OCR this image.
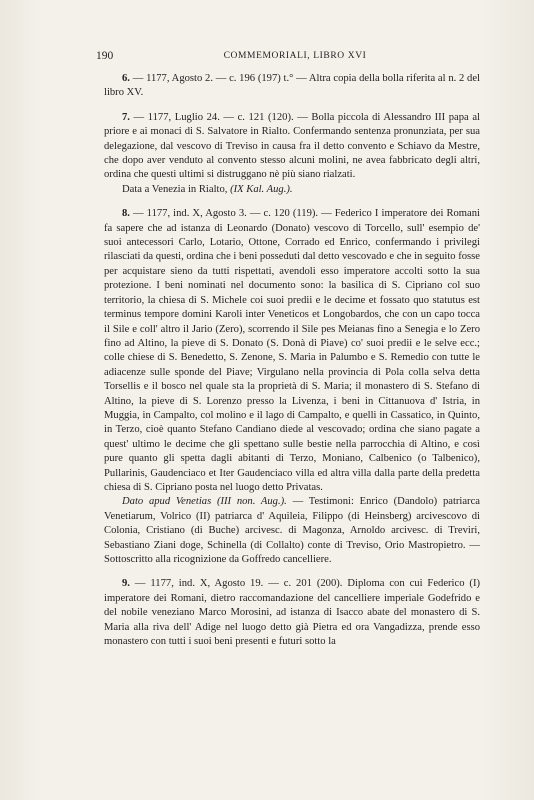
190	COMMEMORIALI, LIBRO XVI

6. — 1177, Agosto 2. — c. 196 (197) t.° — Altra copia della bolla riferita al n. 2 del libro XV.

7. — 1177, Luglio 24. — c. 121 (120). — Bolla piccola di Alessandro III papa al priore e ai monaci di S. Salvatore in Rialto. Confermando sentenza pronunziata, per sua delegazione, dal vescovo di Treviso in causa fra il detto convento e Schiavo da Mestre, che dopo aver venduto al convento stesso alcuni molini, ne avea fabbricato degli altri, ordina che questi ultimi si distruggano nè più siano rialzati.

Data a Venezia in Rialto, (IX Kal. Aug.).

8. — 1177, ind. X, Agosto 3. — c. 120 (119). — Federico I imperatore dei Romani fa sapere che ad istanza di Leonardo (Donato) vescovo di Torcello, sull' esempio de' suoi antecessori Carlo, Lotario, Ottone, Corrado ed Enrico, confermando i privilegi rilasciati da questi, ordina che i beni posseduti dal detto vescovado e che in seguito fosse per acquistare sieno da tutti rispettati, avendoli esso imperatore accolti sotto la sua protezione. I beni nominati nel documento sono: la basilica di S. Cipriano col suo territorio, la chiesa di S. Michele coi suoi predii e le decime et fossato quo statutus est terminus tempore domini Karoli inter Veneticos et Longobardos, che con un capo tocca il Sile e coll' altro il Jario (Zero), scorrendo il Sile pes Meianas fino a Senegia e lo Zero fino ad Altino, la pieve di S. Donato (S. Donà di Piave) co' suoi predii e le selve ecc.; colle chiese di S. Benedetto, S. Zenone, S. Maria in Palumbo e S. Remedio con tutte le adiacenze sulle sponde del Piave; Virgulano nella provincia di Pola colla selva detta Torsellis e il bosco nel quale sta la proprietà di S. Maria; il monastero di S. Stefano di Altino, la pieve di S. Lorenzo presso la Livenza, i beni in Cittanuova d' Istria, in Muggia, in Campalto, col molino e il lago di Campalto, e quelli in Cassatico, in Quinto, in Terzo, cioè quanto Stefano Candiano diede al vescovado; ordina che siano pagate a quest' ultimo le decime che gli spettano sulle bestie nella parrocchia di Altino, e così pure quanto gli spetta dagli abitanti di Terzo, Moniano, Calbenico (o Talbenico), Pullarinis, Gaudenciaco et Iter Gaudenciaco villa ed altra villa dalla parte della predetta chiesa di S. Cipriano posta nel luogo detto Privatas.

Dato apud Venetias (III non. Aug.). — Testimoni: Enrico (Dandolo) patriarca Venetiarum, Volrico (II) patriarca d' Aquileia, Filippo (di Heinsberg) arcivescovo di Colonia, Cristiano (di Buche) arcivesc. di Magonza, Arnoldo arcivesc. di Treviri, Sebastiano Ziani doge, Schinella (di Collalto) conte di Treviso, Orio Mastropietro. — Sottoscritto alla ricognizione da Goffredo cancelliere.

9. — 1177, ind. X, Agosto 19. — c. 201 (200). Diploma con cui Federico (I) imperatore dei Romani, dietro raccomandazione del cancelliere imperiale Godefrido e del nobile veneziano Marco Morosini, ad istanza di Isacco abate del monastero di S. Maria alla riva dell' Adige nel luogo detto già Pietra ed ora Vangadizza, prende esso monastero con tutti i suoi beni presenti e futuri sotto la
